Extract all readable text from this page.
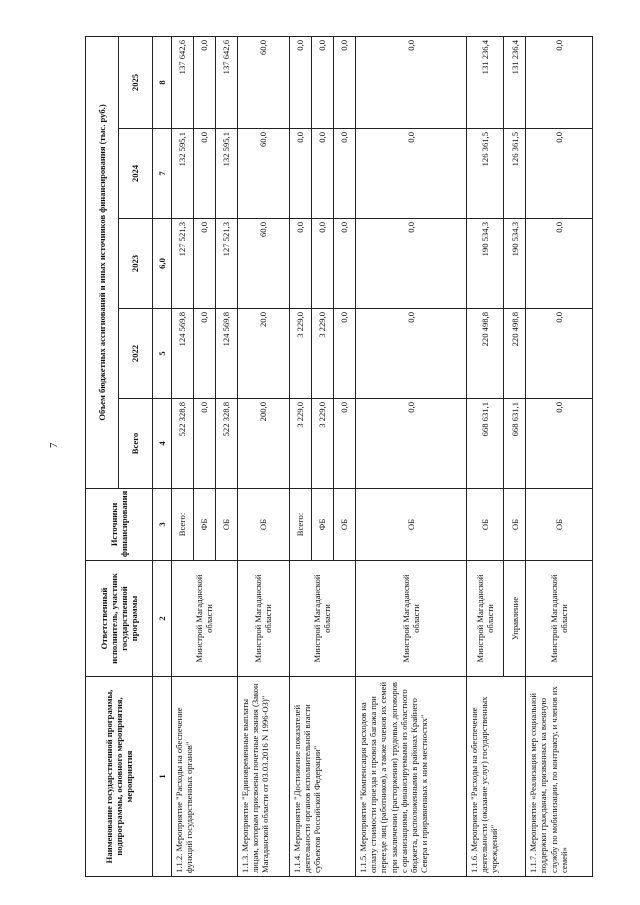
7
Наименование государственной программы, подпрограммы, основного мероприятия, мероприятия	Ответственный исполнитель, участник государственной программы	Источники финансирования	Объем бюджетных ассигнований и иных источников финансирования (тыс. руб.)				
			Всего	2022	2023	2024	2025
1	2	3	4	5	6,0	7	8
1.1.2. Мероприятие "Расходы на обеспечение функций государственных органов"	Минстрой Магаданской области	Всего:	522 328,8	124 569,8	127 521,3	132 595,1	137 642,6
		ФБ	0,0	0,0	0,0	0,0	0,0
		ОБ	522 328,8	124 569,8	127 521,3	132 595,1	137 642,6
1.1.3. Мероприятие "Единовременные выплаты лицам, которым присвоены почетные звания (Закон Магаданской области от 03.03.2016 N 1996-ОЗ)"	Минстрой Магаданской области	ОБ	200,0	20,0	60,0	60,0	60,0
1.1.4. Мероприятие "Достижение показателей деятельности органов исполнительной власти субъектов Российской Федерации"	Минстрой Магаданской области	Всего:	3 229,0	3 229,0	0,0	0,0	0,0
		ФБ	3 229,0	3 229,0	0,0	0,0	0,0
		ОБ	0,0	0,0	0,0	0,0	0,0
1.1.5. Мероприятие "Компенсация расходов на оплату стоимости проезда и провоза багажа при переезде лиц (работников), а также членов их семей при заключении (расторжении) трудовых договоров с организациями, финансируемыми из областного бюджета, расположенными в районах Крайнего Севера и приравненных к ним местностях"	Минстрой Магаданской области	ОБ	0,0	0,0	0,0	0,0	0,0
1.1.6. Мероприятие "Расходы на обеспечение деятельности (оказание услуг) государственных учреждений"	Минстрой Магаданской области	ОБ	668 631,1	220 498,8	190 534,3	126 361,5	131 236,4
	Управление	ОБ	668 631,1	220 498,8	190 534,3	126 361,5	131 236,4
1.1.7. Мероприятие «Реализация мер социальной поддержки гражданам, призванных на военную службу по мобилизации, по контракту, и членов их семей»	Минстрой Магаданской области	ОБ	0,0	0,0	0,0	0,0	0,0
